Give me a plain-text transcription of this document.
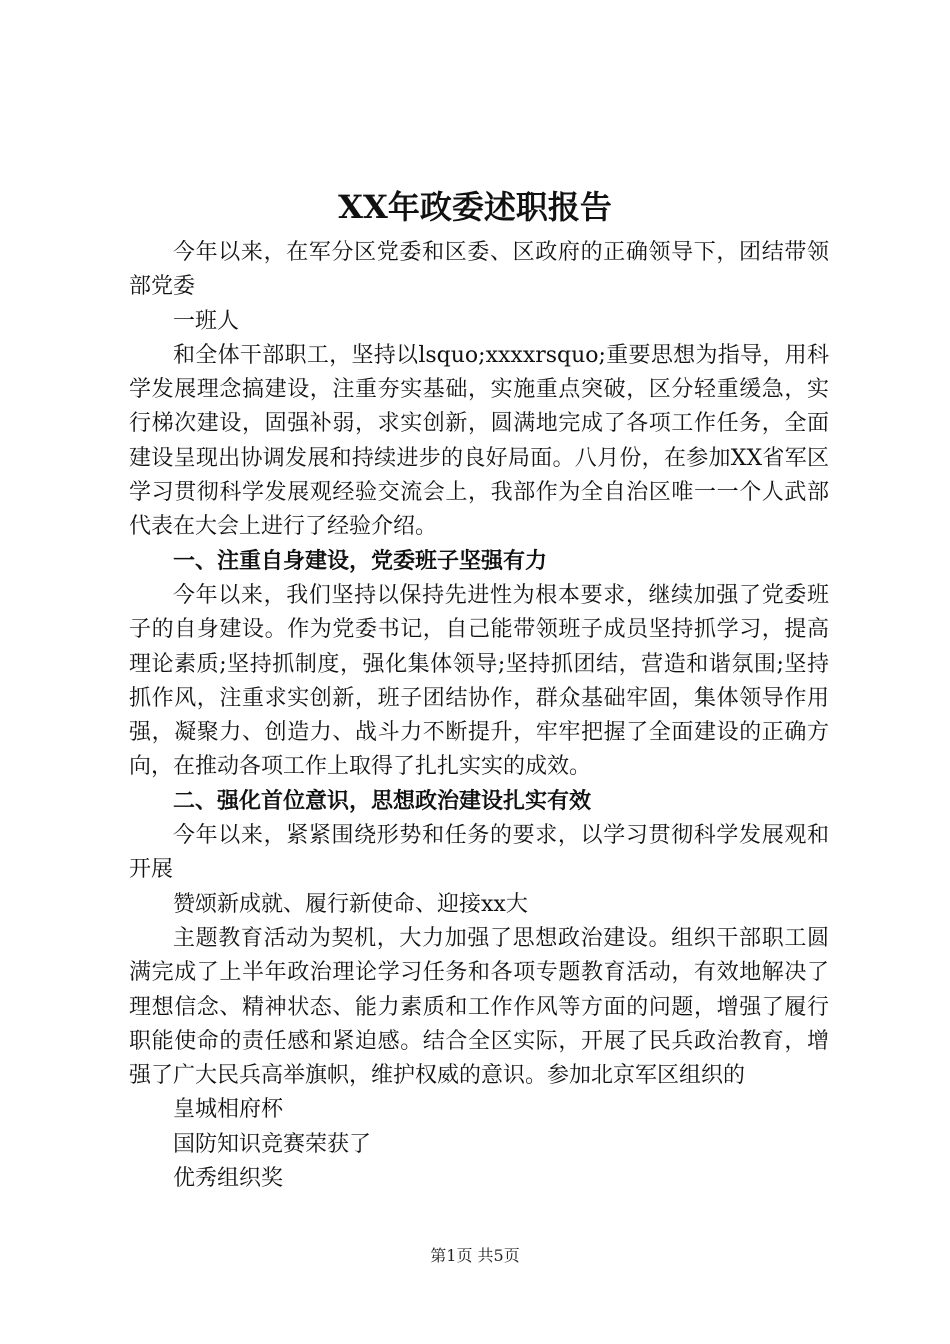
XX年政委述职报告

今年以来，在军分区党委和区委、区政府的正确领导下，团结带领部党委

一班人

和全体干部职工，坚持以lsquo;xxxxrsquo;重要思想为指导，用科学发展理念搞建设，注重夯实基础，实施重点突破，区分轻重缓急，实行梯次建设，固强补弱，求实创新，圆满地完成了各项工作任务，全面建设呈现出协调发展和持续进步的良好局面。八月份，在参加XX省军区学习贯彻科学发展观经验交流会上，我部作为全自治区唯一一个人武部代表在大会上进行了经验介绍。

一、注重自身建设，党委班子坚强有力

今年以来，我们坚持以保持先进性为根本要求，继续加强了党委班子的自身建设。作为党委书记，自己能带领班子成员坚持抓学习，提高理论素质;坚持抓制度，强化集体领导;坚持抓团结，营造和谐氛围;坚持抓作风，注重求实创新，班子团结协作，群众基础牢固，集体领导作用强，凝聚力、创造力、战斗力不断提升，牢牢把握了全面建设的正确方向，在推动各项工作上取得了扎扎实实的成效。

二、强化首位意识，思想政治建设扎实有效

今年以来，紧紧围绕形势和任务的要求，以学习贯彻科学发展观和开展

赞颂新成就、履行新使命、迎接xx大

主题教育活动为契机，大力加强了思想政治建设。组织干部职工圆满完成了上半年政治理论学习任务和各项专题教育活动，有效地解决了理想信念、精神状态、能力素质和工作作风等方面的问题，增强了履行职能使命的责任感和紧迫感。结合全区实际，开展了民兵政治教育，增强了广大民兵高举旗帜，维护权威的意识。参加北京军区组织的

皇城相府杯

国防知识竞赛荣获了

优秀组织奖

第1页 共5页
